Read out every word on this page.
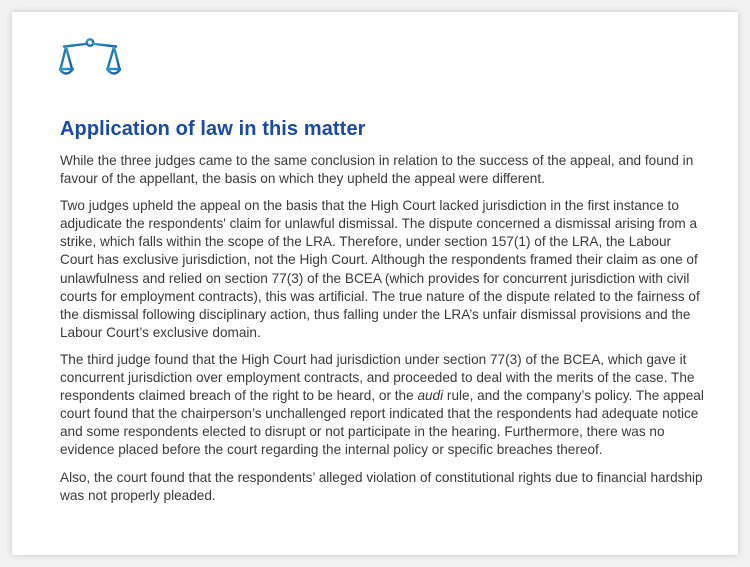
Application of law in this matter

While the three judges came to the same conclusion in relation to the success of the appeal, and found in favour of the appellant, the basis on which they upheld the appeal were different.

Two judges upheld the appeal on the basis that the High Court lacked jurisdiction in the first instance to adjudicate the respondents' claim for unlawful dismissal. The dispute concerned a dismissal arising from a strike, which falls within the scope of the LRA. Therefore, under section 157(1) of the LRA, the Labour Court has exclusive jurisdiction, not the High Court. Although the respondents framed their claim as one of unlawfulness and relied on section 77(3) of the BCEA (which provides for concurrent jurisdiction with civil courts for employment contracts), this was artificial. The true nature of the dispute related to the fairness of the dismissal following disciplinary action, thus falling under the LRA’s unfair dismissal provisions and the Labour Court’s exclusive domain.

The third judge found that the High Court had jurisdiction under section 77(3) of the BCEA, which gave it concurrent jurisdiction over employment contracts, and proceeded to deal with the merits of the case. The respondents claimed breach of the right to be heard, or the audi rule, and the company’s policy. The appeal court found that the chairperson’s unchallenged report indicated that the respondents had adequate notice and some respondents elected to disrupt or not participate in the hearing. Furthermore, there was no evidence placed before the court regarding the internal policy or specific breaches thereof.

Also, the court found that the respondents’ alleged violation of constitutional rights due to financial hardship was not properly pleaded.
